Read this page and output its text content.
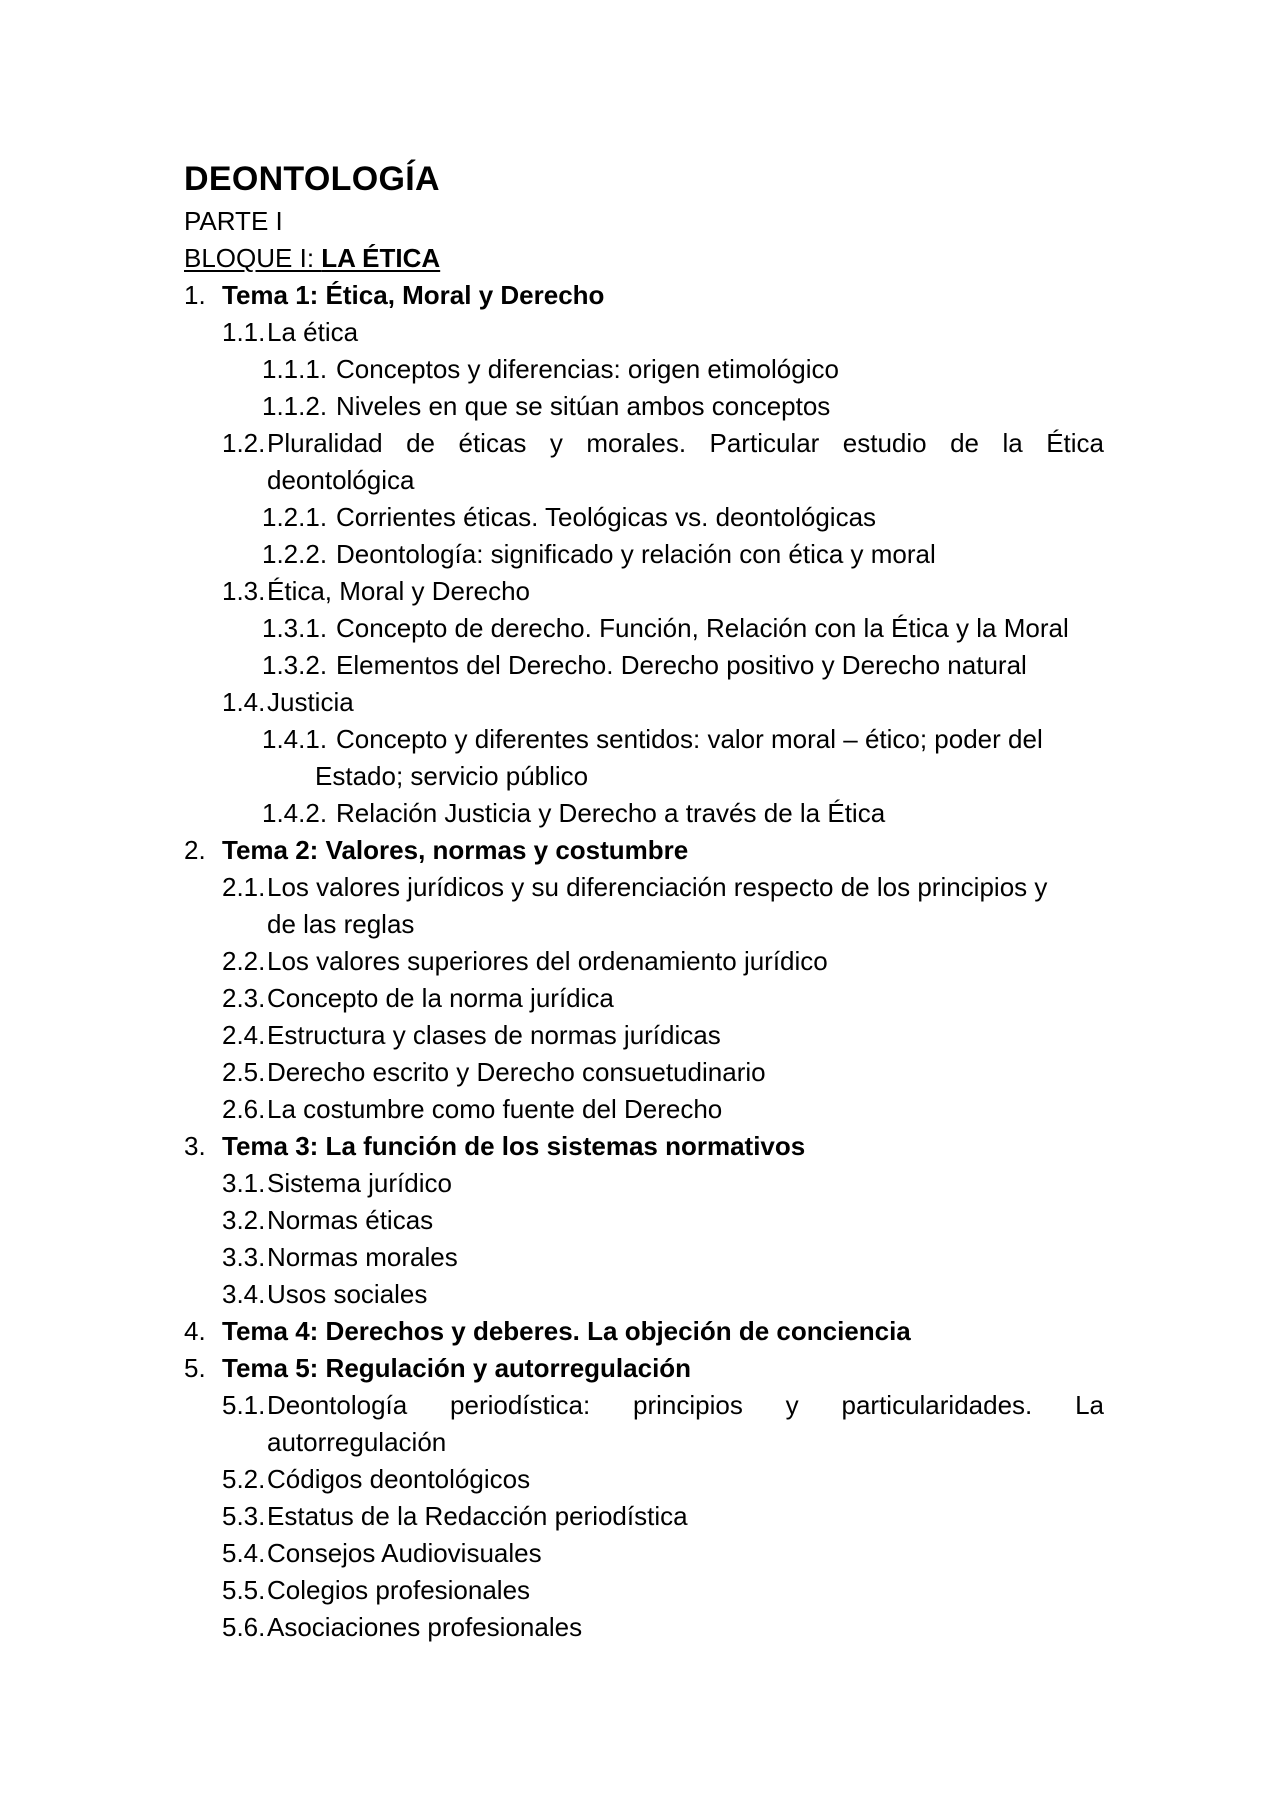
DEONTOLOGÍA
PARTE I
BLOQUE I: LA ÉTICA
1. Tema 1: Ética, Moral y Derecho
1.1. La ética
1.1.1. Conceptos y diferencias: origen etimológico
1.1.2. Niveles en que se sitúan ambos conceptos
1.2. Pluralidad de éticas y morales. Particular estudio de la Ética
deontológica
1.2.1. Corrientes éticas. Teológicas vs. deontológicas
1.2.2. Deontología: significado y relación con ética y moral
1.3. Ética, Moral y Derecho
1.3.1. Concepto de derecho. Función, Relación con la Ética y la Moral
1.3.2. Elementos del Derecho. Derecho positivo y Derecho natural
1.4. Justicia
1.4.1. Concepto y diferentes sentidos: valor moral – ético; poder del
Estado; servicio público
1.4.2. Relación Justicia y Derecho a través de la Ética
2. Tema 2: Valores, normas y costumbre
2.1. Los valores jurídicos y su diferenciación respecto de los principios y
de las reglas
2.2. Los valores superiores del ordenamiento jurídico
2.3. Concepto de la norma jurídica
2.4. Estructura y clases de normas jurídicas
2.5. Derecho escrito y Derecho consuetudinario
2.6. La costumbre como fuente del Derecho
3. Tema 3: La función de los sistemas normativos
3.1. Sistema jurídico
3.2. Normas éticas
3.3. Normas morales
3.4. Usos sociales
4. Tema 4: Derechos y deberes. La objeción de conciencia
5. Tema 5: Regulación y autorregulación
5.1. Deontología periodística: principios y particularidades. La
autorregulación
5.2. Códigos deontológicos
5.3. Estatus de la Redacción periodística
5.4. Consejos Audiovisuales
5.5. Colegios profesionales
5.6. Asociaciones profesionales
